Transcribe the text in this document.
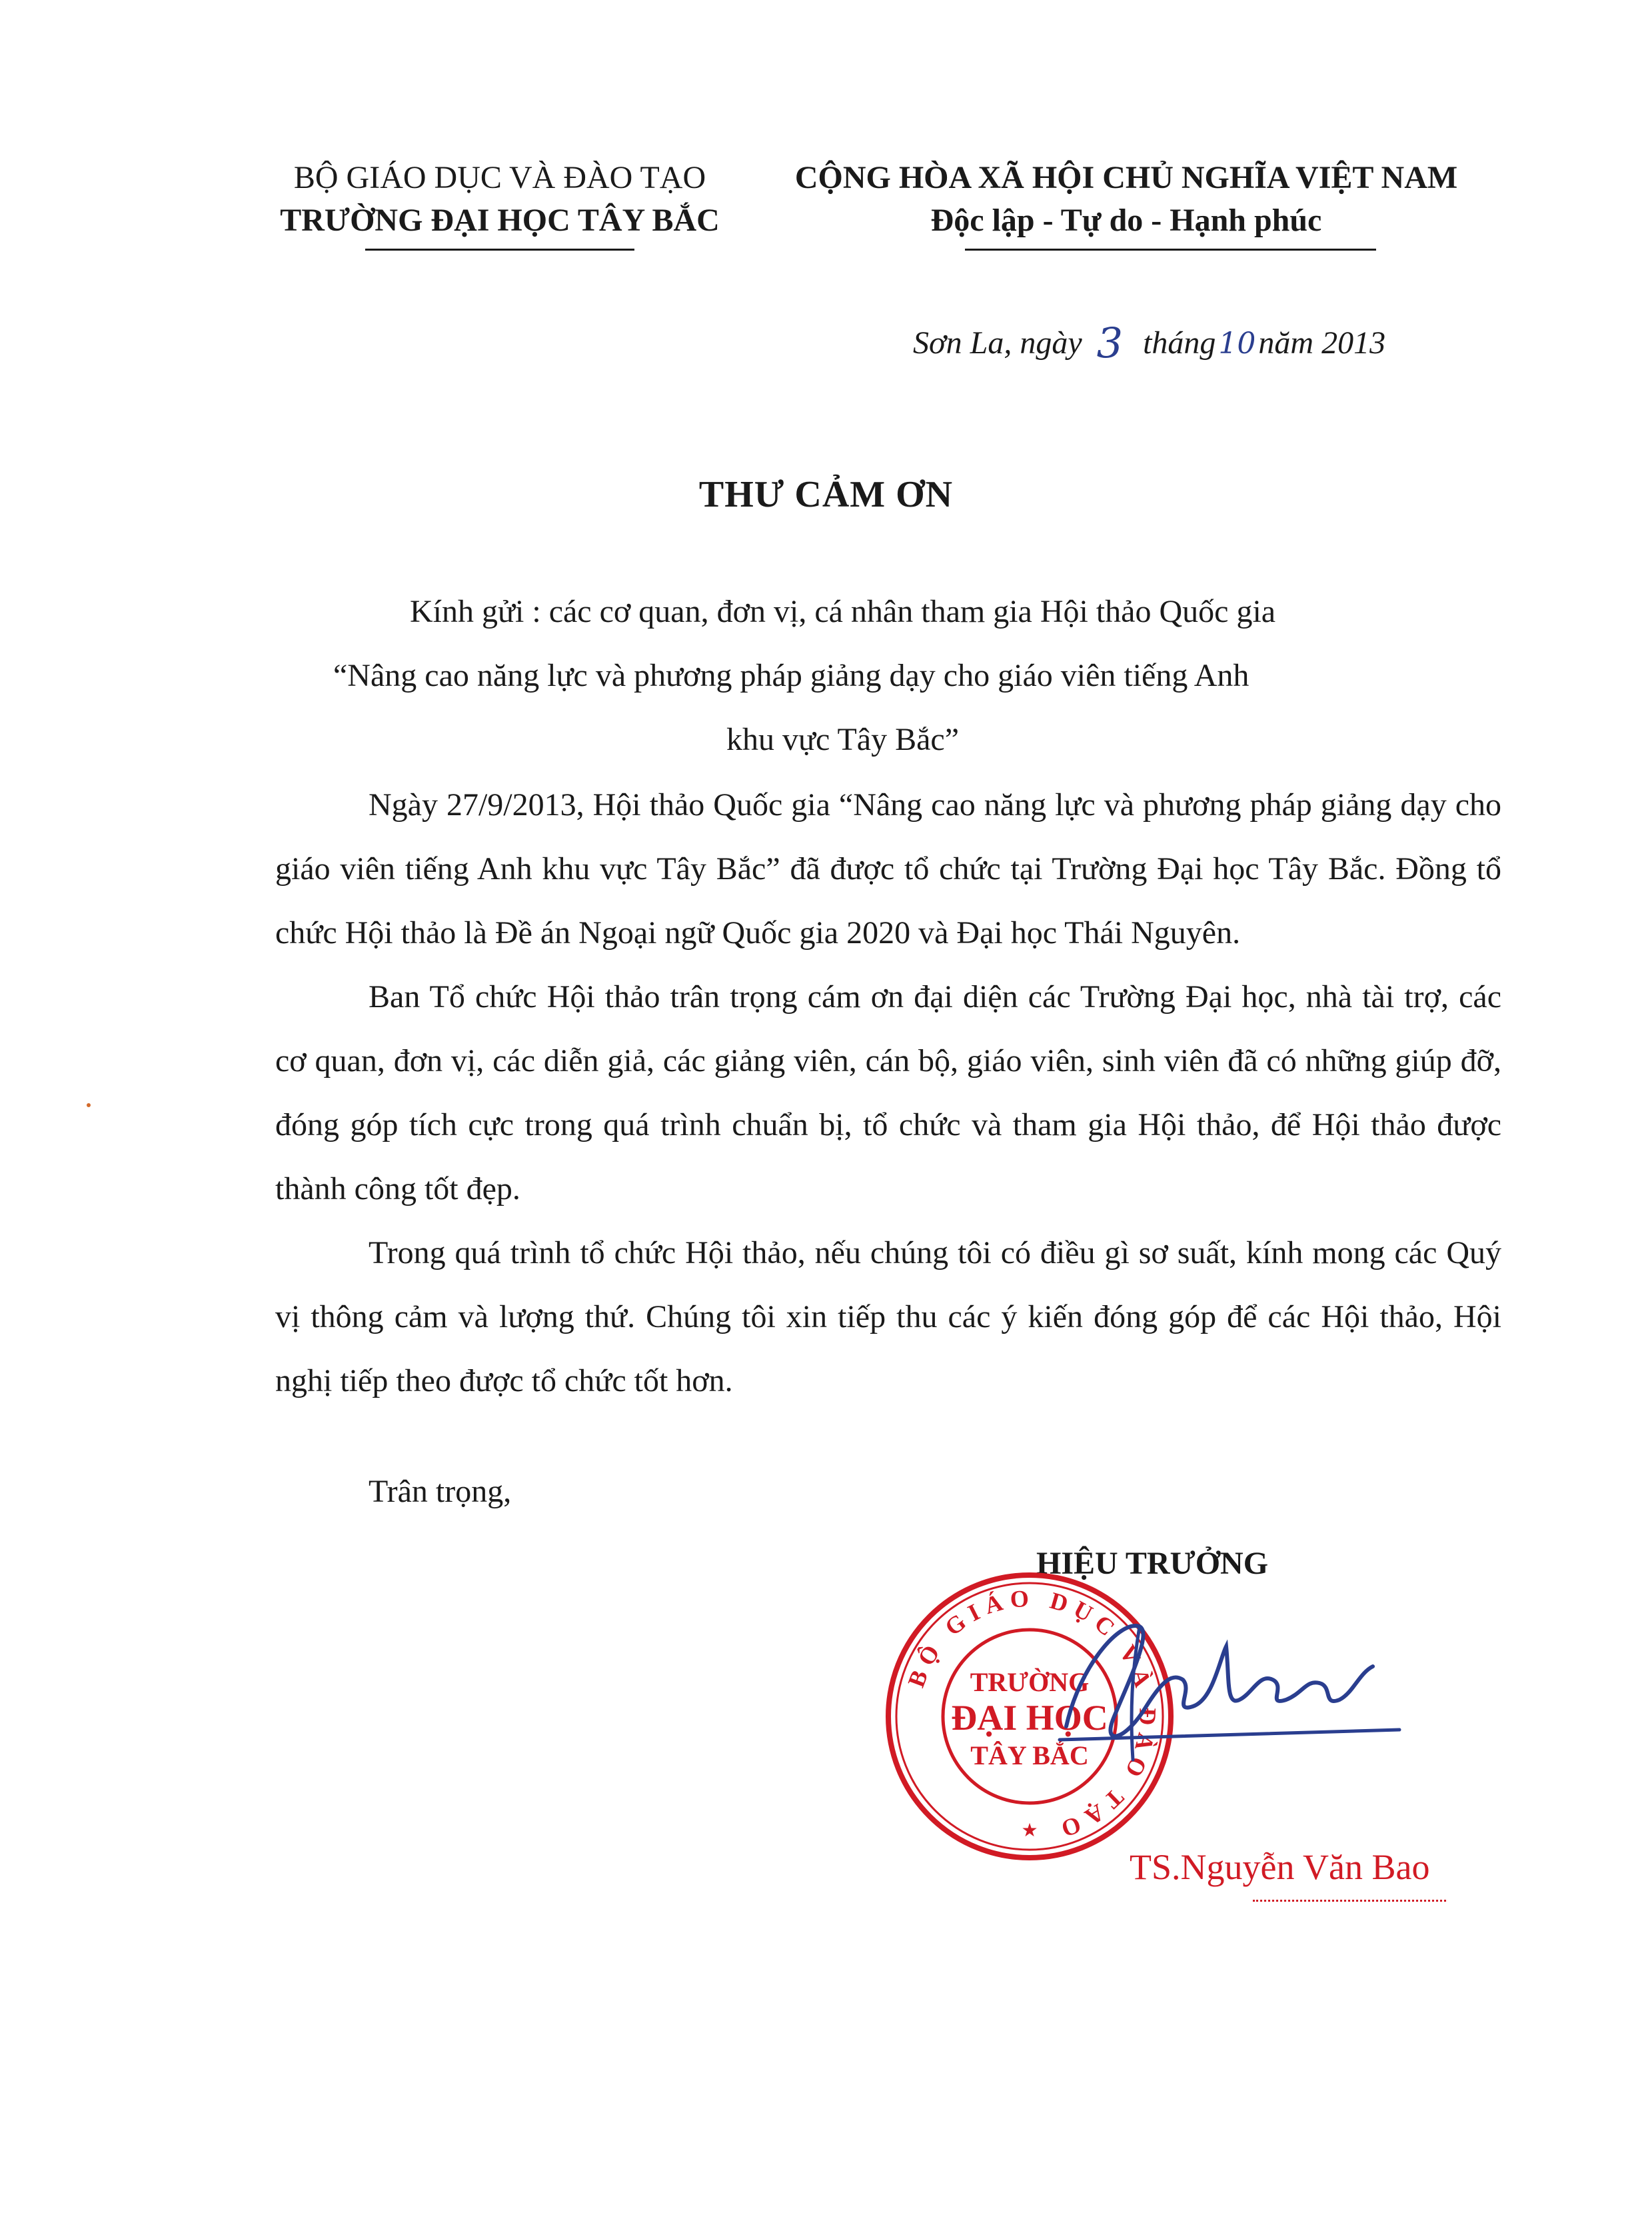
BỘ GIÁO DỤC VÀ ĐÀO TẠO
TRƯỜNG ĐẠI HỌC TÂY BẮC
CỘNG HÒA XÃ HỘI CHỦ NGHĨA VIỆT NAM
Độc lập - Tự do - Hạnh phúc
Sơn La, ngày 3 tháng10năm 2013
THƯ CẢM ƠN
Kính gửi : các cơ quan, đơn vị, cá nhân tham gia Hội thảo Quốc gia
“Nâng cao năng lực và phương pháp giảng dạy cho giáo viên tiếng Anh
khu vực Tây Bắc”

Ngày 27/9/2013, Hội thảo Quốc gia “Nâng cao năng lực và phương pháp giảng dạy cho giáo viên tiếng Anh khu vực Tây Bắc” đã được tổ chức tại Trường Đại học Tây Bắc. Đồng tổ chức Hội thảo là Đề án Ngoại ngữ Quốc gia 2020 và Đại học Thái Nguyên.

Ban Tổ chức Hội thảo trân trọng cám ơn đại diện các Trường Đại học, nhà tài trợ, các cơ quan, đơn vị, các diễn giả, các giảng viên, cán bộ, giáo viên, sinh viên đã có những giúp đỡ, đóng góp tích cực trong quá trình chuẩn bị, tổ chức và tham gia Hội thảo, để Hội thảo được thành công tốt đẹp.

Trong quá trình tổ chức Hội thảo, nếu chúng tôi có điều gì sơ suất, kính mong các Quý vị thông cảm và lượng thứ. Chúng tôi xin tiếp thu các ý kiến đóng góp để các Hội thảo, Hội nghị tiếp theo được tổ chức tốt hơn.

Trân trọng,
HIỆU TRƯỞNG
BỘ GIÁO DỤC VÀ ĐÀO TẠO
TRƯỜNG
ĐẠI HỌC
TÂY BẮC
★
TS.Nguyễn Văn Bao
